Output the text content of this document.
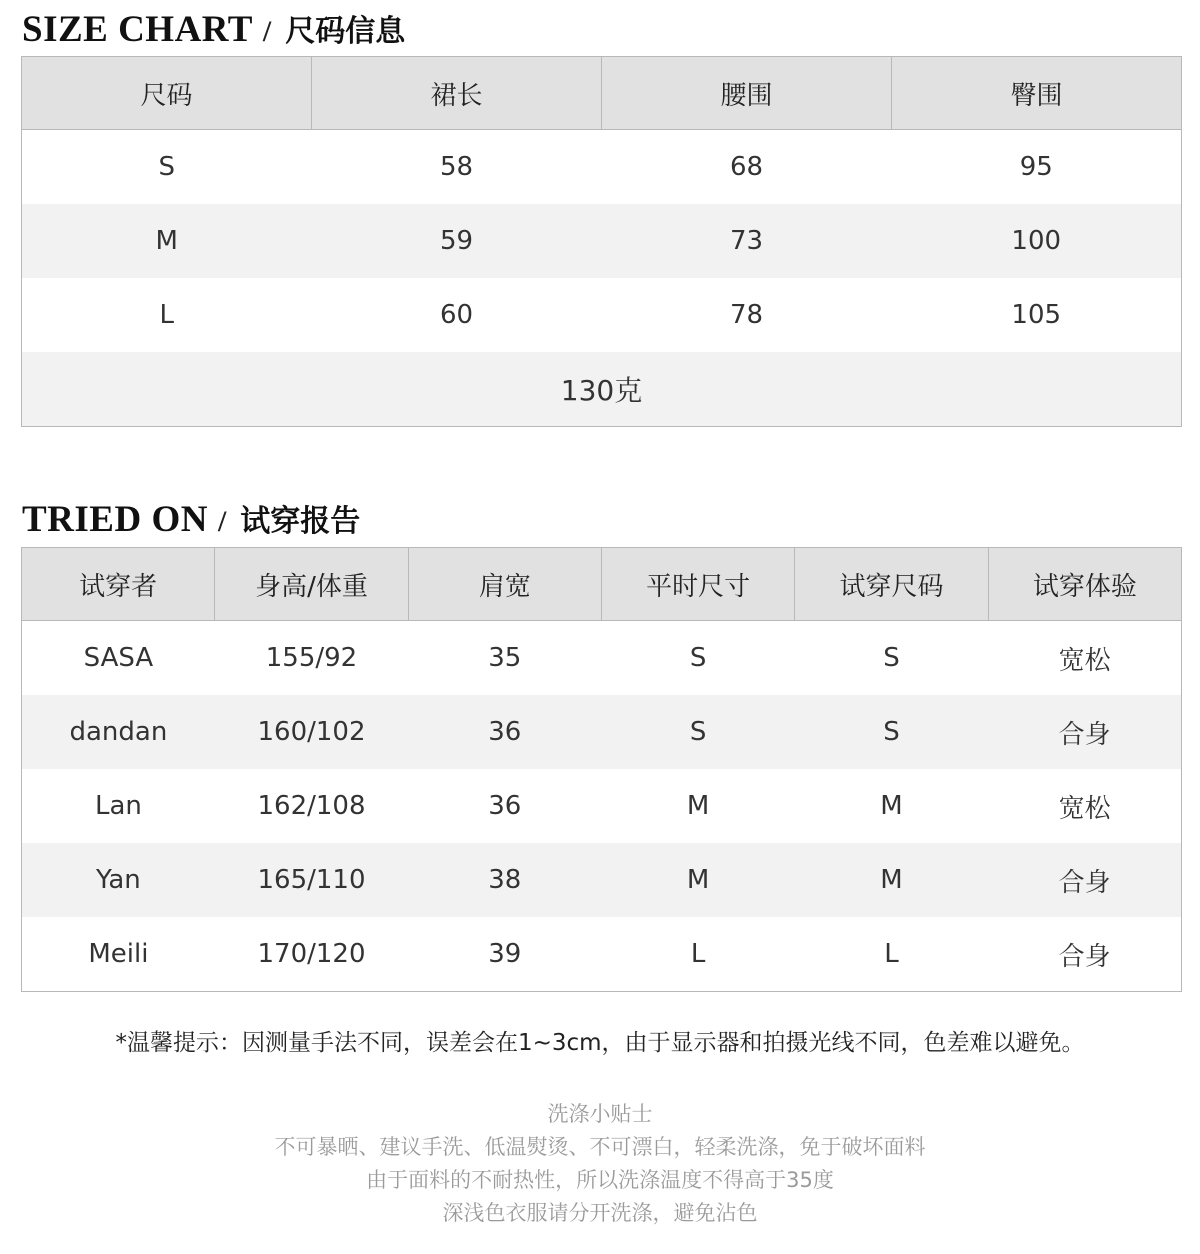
SIZE CHART / 尺码信息
尺码	裙长	腰围	臀围
S	58	68	95
M	59	73	100
L	60	78	105
130克			
TRIED ON / 试穿报告
试穿者	身高/体重	肩宽	平时尺寸	试穿尺码	试穿体验
SASA	155/92	35	S	S	宽松
dandan	160/102	36	S	S	合身
Lan	162/108	36	M	M	宽松
Yan	165/110	38	M	M	合身
Meili	170/120	39	L	L	合身

*温馨提示：因测量手法不同，误差会在1~3cm，由于显示器和拍摄光线不同，色差难以避免。

洗涤小贴士
不可暴晒、建议手洗、低温熨烫、不可漂白，轻柔洗涤，免于破坏面料
由于面料的不耐热性，所以洗涤温度不得高于35度
深浅色衣服请分开洗涤，避免沾色
